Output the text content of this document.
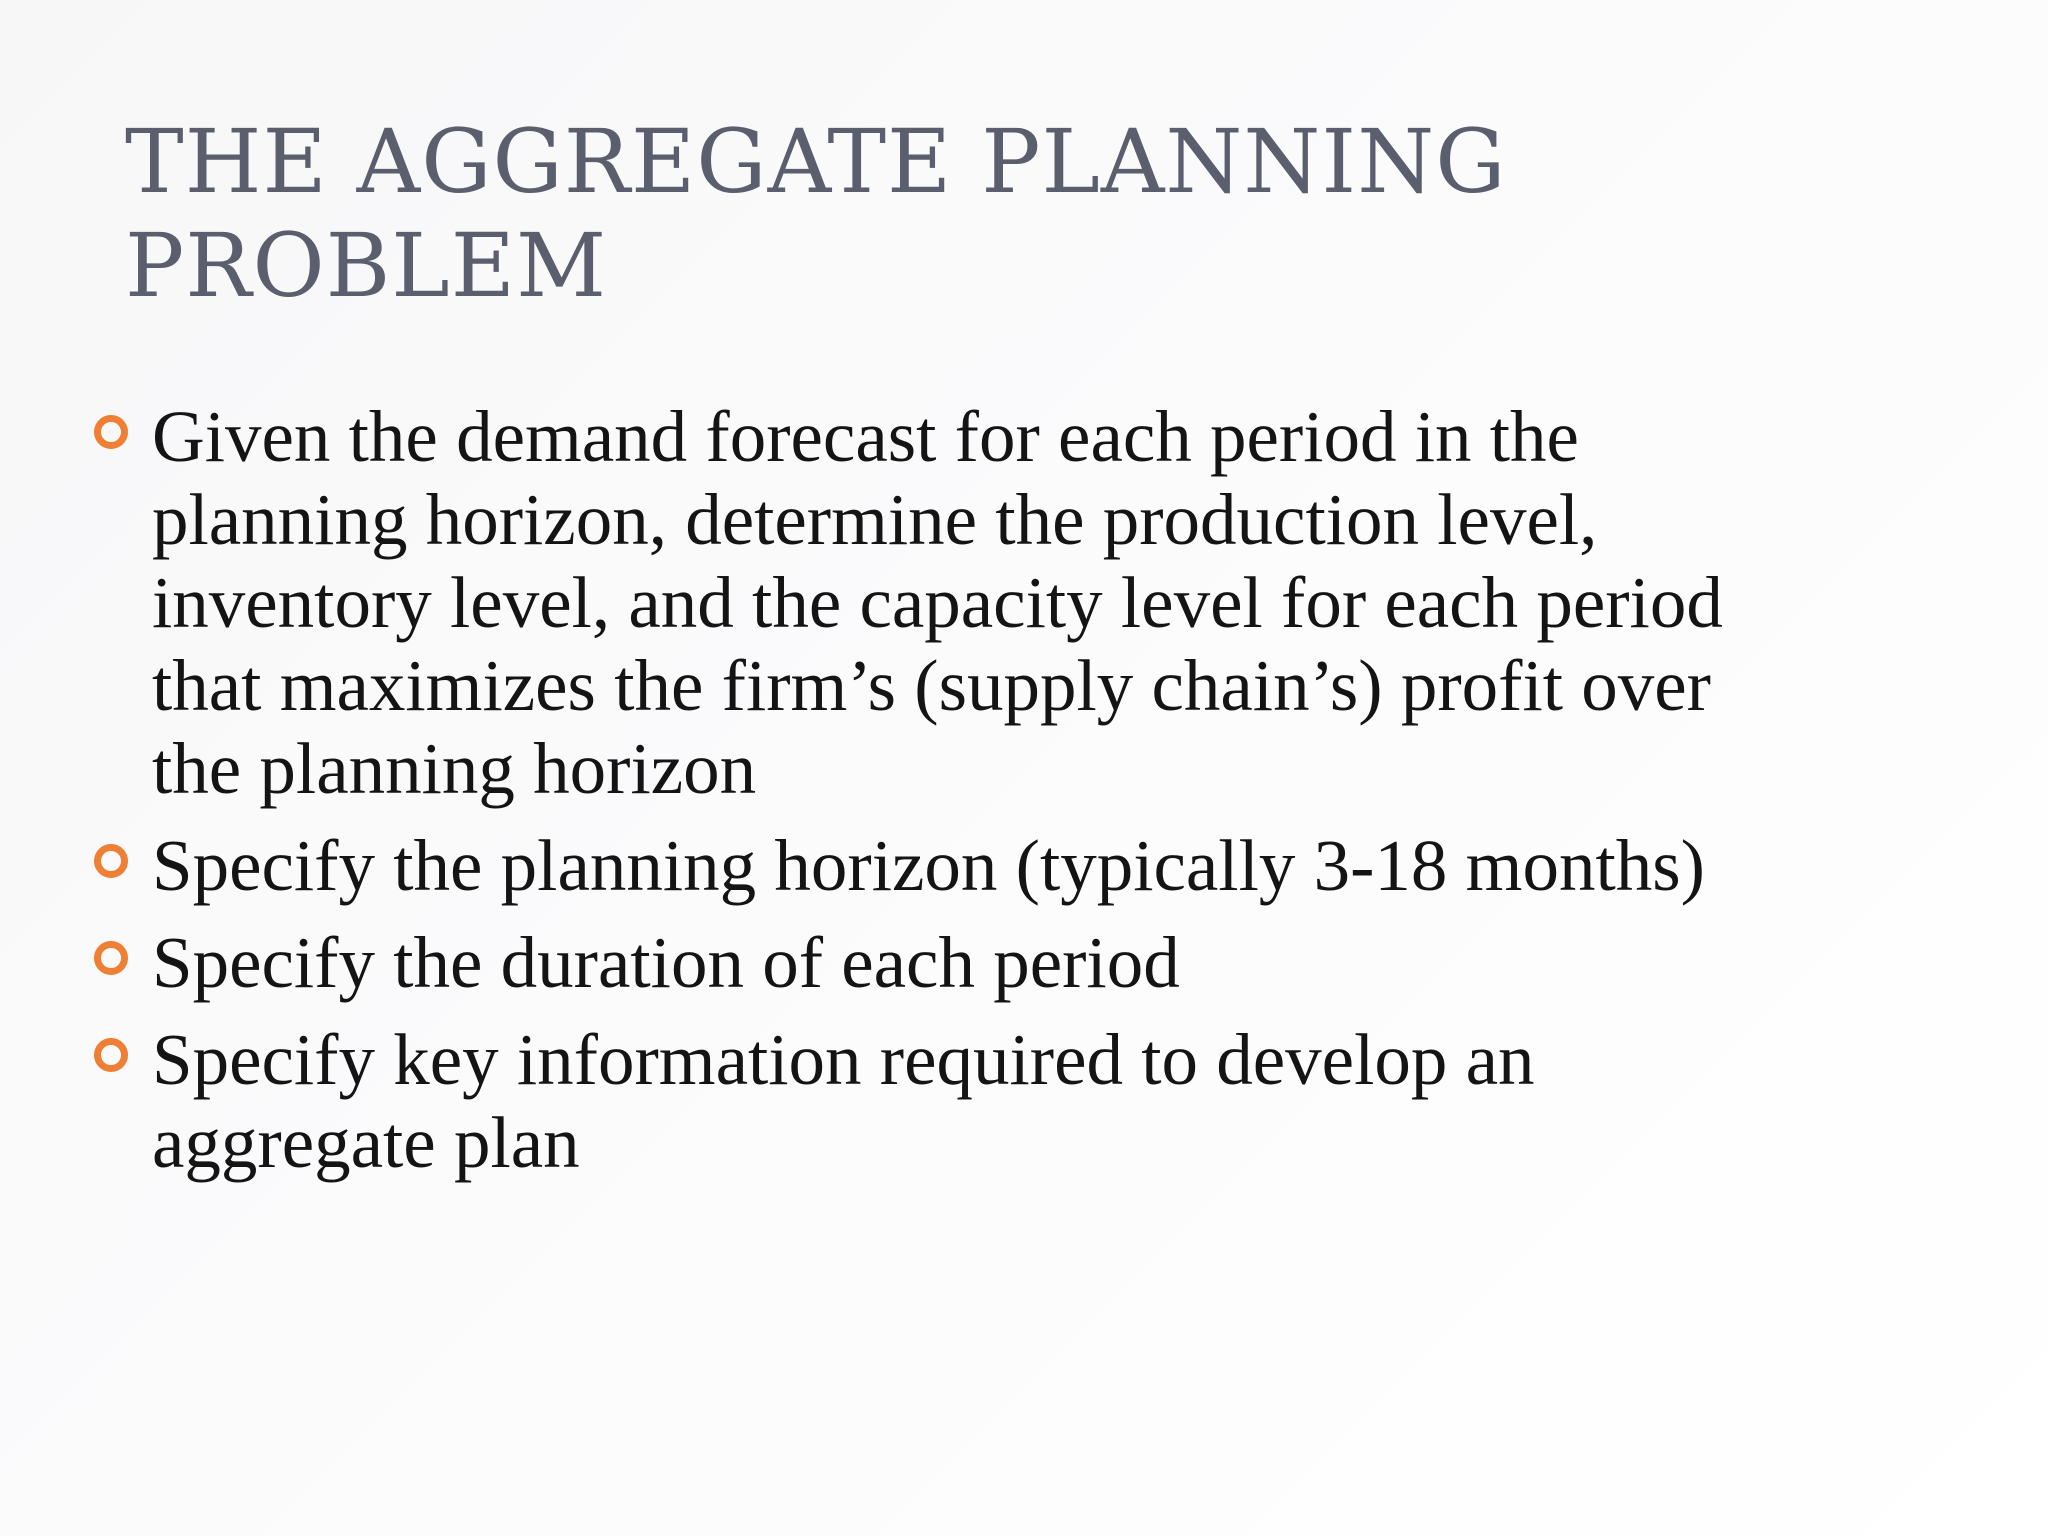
THE AGGREGATE PLANNING
PROBLEM
Given the demand forecast for each period in the
planning horizon, determine the production level,
inventory level, and the capacity level for each period
that maximizes the firm’s (supply chain’s) profit over
the planning horizon
Specify the planning horizon (typically 3-18 months)
Specify the duration of each period
Specify key information required to develop an
aggregate plan
